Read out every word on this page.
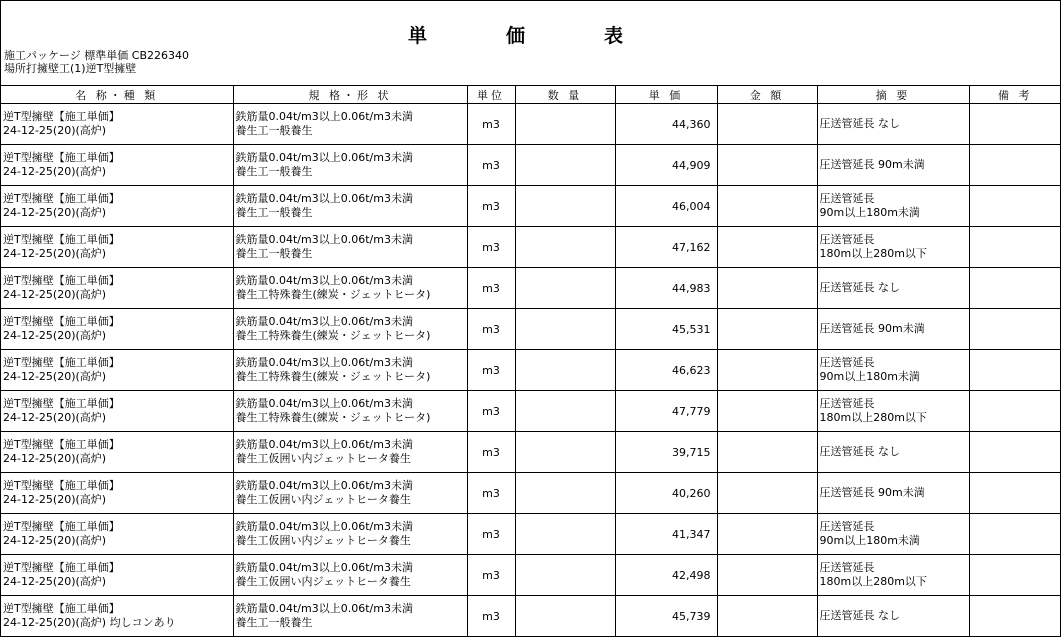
単　価　表
施工パッケージ 標準単価 CB226340
場所打擁壁工(1)逆T型擁壁
名 称・種 類	規 格・形 状	単位	数 量	単 価	金 額	摘 要	備 考
逆T型擁壁【施工単価】
24-12-25(20)(高炉)	鉄筋量0.04t/m3以上0.06t/m3未満
養生工一般養生	m3		44,360		圧送管延長 なし	
逆T型擁壁【施工単価】
24-12-25(20)(高炉)	鉄筋量0.04t/m3以上0.06t/m3未満
養生工一般養生	m3		44,909		圧送管延長 90m未満	
逆T型擁壁【施工単価】
24-12-25(20)(高炉)	鉄筋量0.04t/m3以上0.06t/m3未満
養生工一般養生	m3		46,004		圧送管延長
90m以上180m未満	
逆T型擁壁【施工単価】
24-12-25(20)(高炉)	鉄筋量0.04t/m3以上0.06t/m3未満
養生工一般養生	m3		47,162		圧送管延長
180m以上280m以下	
逆T型擁壁【施工単価】
24-12-25(20)(高炉)	鉄筋量0.04t/m3以上0.06t/m3未満
養生工特殊養生(練炭・ジェットヒータ)	m3		44,983		圧送管延長 なし	
逆T型擁壁【施工単価】
24-12-25(20)(高炉)	鉄筋量0.04t/m3以上0.06t/m3未満
養生工特殊養生(練炭・ジェットヒータ)	m3		45,531		圧送管延長 90m未満	
逆T型擁壁【施工単価】
24-12-25(20)(高炉)	鉄筋量0.04t/m3以上0.06t/m3未満
養生工特殊養生(練炭・ジェットヒータ)	m3		46,623		圧送管延長
90m以上180m未満	
逆T型擁壁【施工単価】
24-12-25(20)(高炉)	鉄筋量0.04t/m3以上0.06t/m3未満
養生工特殊養生(練炭・ジェットヒータ)	m3		47,779		圧送管延長
180m以上280m以下	
逆T型擁壁【施工単価】
24-12-25(20)(高炉)	鉄筋量0.04t/m3以上0.06t/m3未満
養生工仮囲い内ジェットヒータ養生	m3		39,715		圧送管延長 なし	
逆T型擁壁【施工単価】
24-12-25(20)(高炉)	鉄筋量0.04t/m3以上0.06t/m3未満
養生工仮囲い内ジェットヒータ養生	m3		40,260		圧送管延長 90m未満	
逆T型擁壁【施工単価】
24-12-25(20)(高炉)	鉄筋量0.04t/m3以上0.06t/m3未満
養生工仮囲い内ジェットヒータ養生	m3		41,347		圧送管延長
90m以上180m未満	
逆T型擁壁【施工単価】
24-12-25(20)(高炉)	鉄筋量0.04t/m3以上0.06t/m3未満
養生工仮囲い内ジェットヒータ養生	m3		42,498		圧送管延長
180m以上280m以下	
逆T型擁壁【施工単価】
24-12-25(20)(高炉) 均しコンあり	鉄筋量0.04t/m3以上0.06t/m3未満
養生工一般養生	m3		45,739		圧送管延長 なし	
